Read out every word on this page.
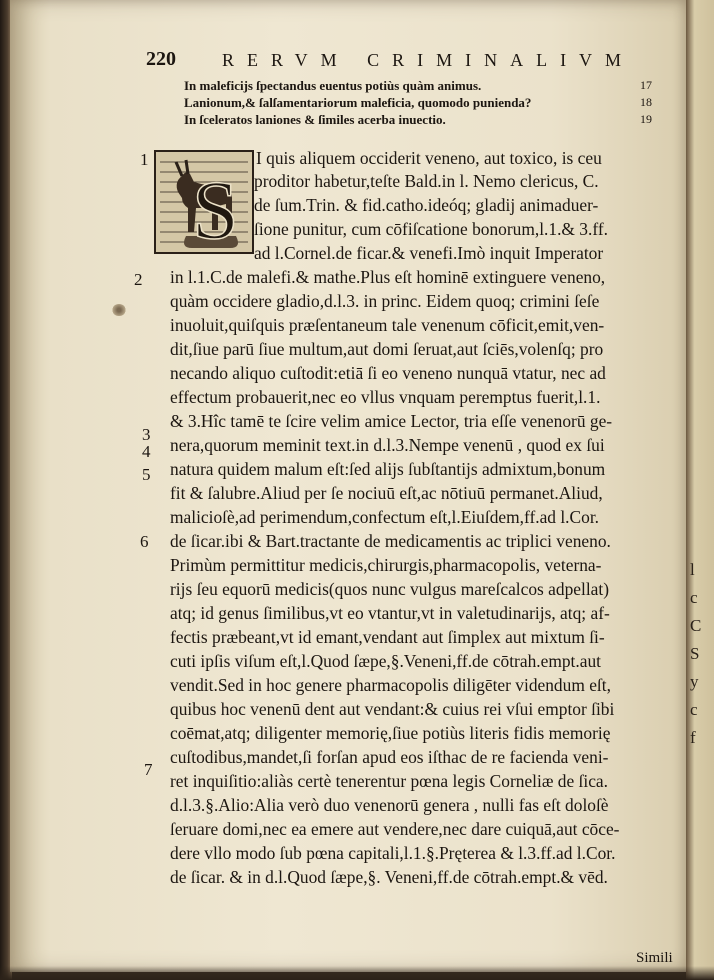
l
c
C
S
y
c
f
220	RERVM CRIMINALIVM
In maleficijs ſpectandus euentus potiùs quàm animus.	17
Lanionum,& ſalſamentariorum maleficia, quomodo punienda?	18
In ſceleratos laniones & ſimiles acerba inuectio.	19
S
I quis aliquem occiderit veneno, aut toxico, is ceu
proditor habetur,teſte Bald.in l. Nemo clericus, C.
de ſum.Trin. & fid.catho.ideóq; gladij animaduer-
ſione punitur, cum cōfiſcatione bonorum,l.1.& 3.ff.
ad l.Cornel.de ficar.& venefi.Imò inquit Imperator
in l.1.C.de malefi.& mathe.Plus eſt hominē extinguere veneno,
quàm occidere gladio,d.l.3. in princ. Eidem quoq; crimini ſeſe
inuoluit,quiſquis præſentaneum tale venenum cōficit,emit,ven-
dit,ſiue parū ſiue multum,aut domi ſeruat,aut ſciēs,volenſq; pro
necando aliquo cuſtodit:etiā ſi eo veneno nunquā vtatur, nec ad
effectum probauerit,nec eo vllus vnquam peremptus fuerit,l.1.
& 3.Hîc tamē te ſcire velim amice Lector, tria eſſe venenorū ge-
nera,quorum meminit text.in d.l.3.Nempe venenū , quod ex ſui
natura quidem malum eſt:ſed alijs ſubſtantijs admixtum,bonum
fit & ſalubre.Aliud per ſe nociuū eſt,ac nōtiuū permanet.Aliud,
malicioſè,ad perimendum,confectum eſt,l.Eiuſdem,ff.ad l.Cor.
de ſicar.ibi & Bart.tractante de medicamentis ac triplici veneno.
Primùm permittitur medicis,chirurgis,pharmacopolis, veterna-
rijs ſeu equorū medicis(quos nunc vulgus mareſcalcos adpellat)
atq; id genus ſimilibus,vt eo vtantur,vt in valetudinarijs, atq; af-
fectis præbeant,vt id emant,vendant aut ſimplex aut mixtum ſi-
cuti ipſis viſum eſt,l.Quod ſæpe,§.Veneni,ff.de cōtrah.empt.aut
vendit.Sed in hoc genere pharmacopolis diligēter videndum eſt,
quibus hoc venenū dent aut vendant:& cuius rei vſui emptor ſibi
coēmat,atq; diligenter memorię,ſiue potiùs literis fidis memorię
cuſtodibus,mandet,ſi forſan apud eos iſthac de re facienda veni-
ret inquiſitio:aliàs certè tenerentur pœna legis Corneliæ de ſica.
d.l.3.§.Alio:Alia verò duo venenorū genera , nulli fas eſt doloſè
ſeruare domi,nec ea emere aut vendere,nec dare cuiquā,aut cōce-
dere vllo modo ſub pœna capitali,l.1.§.Pręterea & l.3.ff.ad l.Cor.
de ſicar. & in d.l.Quod ſæpe,§. Veneni,ff.de cōtrah.empt.& vēd.
1
2
3
4
5
6
7
Simili
